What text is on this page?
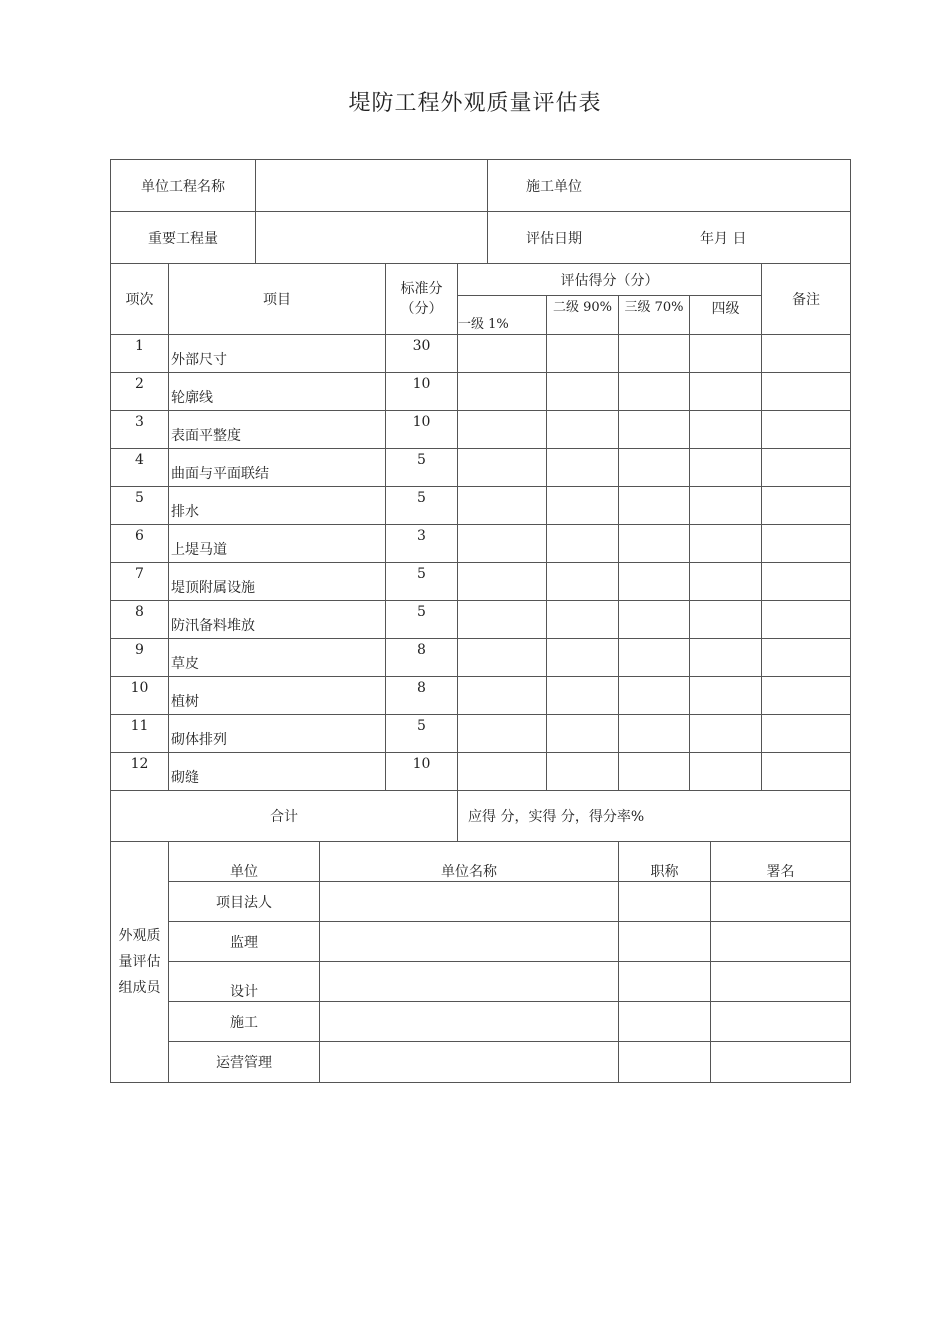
堤防工程外观质量评估表
单位工程名称		施工单位
重要工程量		评估日期 年月 日
项次	项目	标准分（分）	评估得分（分）				备注
			一级 1%	二级 90%	三级 70%	四级	
1	外部尺寸	30					
2	轮廓线	10					
3	表面平整度	10					
4	曲面与平面联结	5					
5	排水	5					
6	上堤马道	3					
7	堤顶附属设施	5					
8	防汛备料堆放	5					
9	草皮	8					
10	植树	8					
11	砌体排列	5					
12	砌缝	10					
合计			应得 分，实得 分，得分率%				
外观质量评估组成员	单位	单位名称	职称	署名
	项目法人			
	监理			
	设计			
	施工			
	运营管理			
